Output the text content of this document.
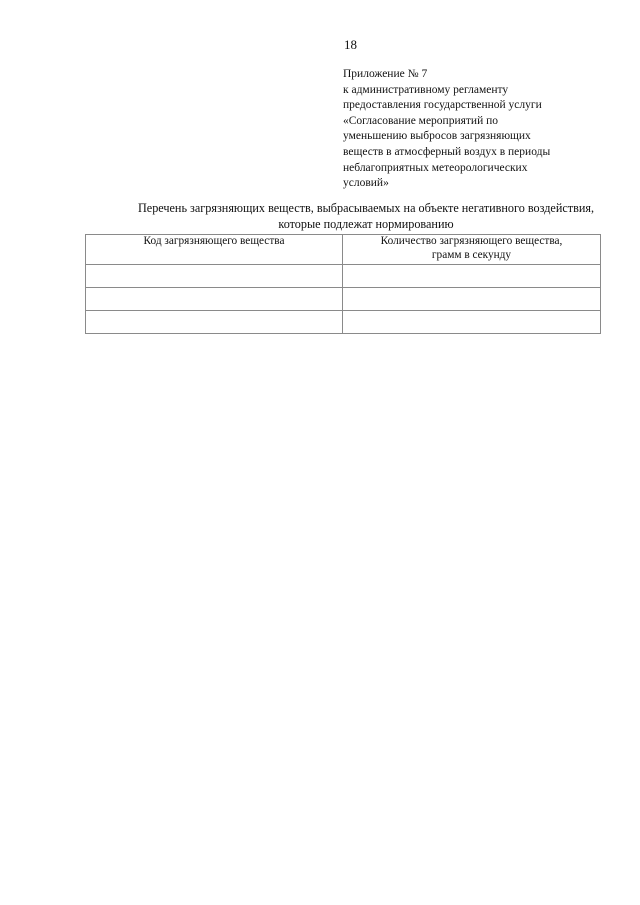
18
Приложение № 7
к административному регламенту
предоставления государственной услуги
«Согласование мероприятий по
уменьшению выбросов загрязняющих
веществ в атмосферный воздух в периоды
неблагоприятных метеорологических
условий»
Перечень загрязняющих веществ, выбрасываемых на объекте негативного воздействия,
которые подлежат нормированию
Код загрязняющего вещества	Количество загрязняющего вещества,
грамм в секунду
